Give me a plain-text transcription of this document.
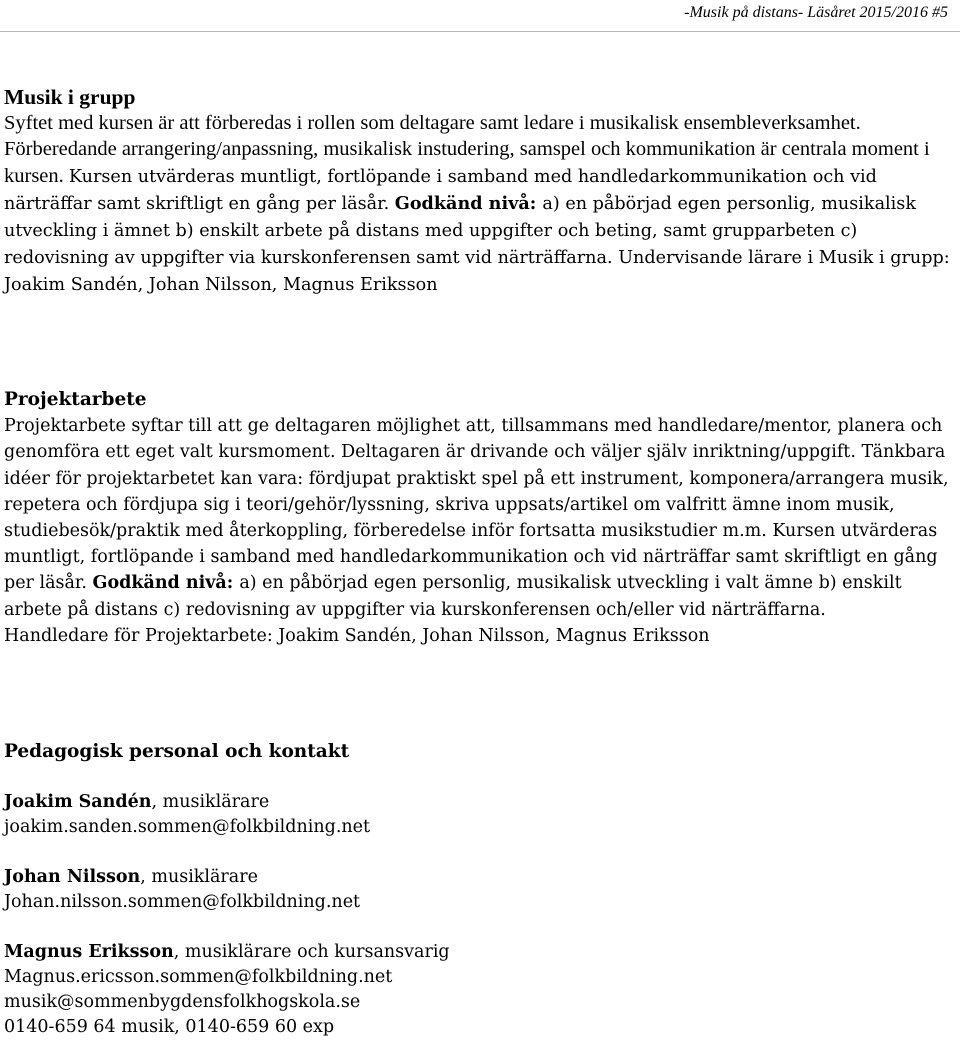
-Musik på distans- Läsåret 2015/2016 #5
Musik i grupp
Syftet med kursen är att förberedas i rollen som deltagare samt ledare i musikalisk ensembleverksamhet. Förberedande arrangering/anpassning, musikalisk instudering, samspel och kommunikation är centrala moment i kursen. Kursen utvärderas muntligt, fortlöpande i samband med handledarkommunikation och vid närträffar samt skriftligt en gång per läsår. Godkänd nivå: a) en påbörjad egen personlig, musikalisk utveckling i ämnet b) enskilt arbete på distans med uppgifter och beting, samt grupparbeten c) redovisning av uppgifter via kurskonferensen samt vid närträffarna. Undervisande lärare i Musik i grupp: Joakim Sandén, Johan Nilsson, Magnus Eriksson
Projektarbete
Projektarbete syftar till att ge deltagaren möjlighet att, tillsammans med handledare/mentor, planera och genomföra ett eget valt kursmoment. Deltagaren är drivande och väljer själv inriktning/uppgift. Tänkbara idéer för projektarbetet kan vara: fördjupat praktiskt spel på ett instrument, komponera/arrangera musik, repetera och fördjupa sig i teori/gehör/lyssning, skriva uppsats/artikel om valfritt ämne inom musik, studiebesök/praktik med återkoppling, förberedelse inför fortsatta musikstudier m.m. Kursen utvärderas muntligt, fortlöpande i samband med handledarkommunikation och vid närträffar samt skriftligt en gång per läsår. Godkänd nivå: a) en påbörjad egen personlig, musikalisk utveckling i valt ämne b) enskilt arbete på distans c) redovisning av uppgifter via kurskonferensen och/eller vid närträffarna.
Handledare för Projektarbete: Joakim Sandén, Johan Nilsson, Magnus Eriksson
Pedagogisk personal och kontakt
Joakim Sandén, musiklärare
joakim.sanden.sommen@folkbildning.net
Johan Nilsson, musiklärare
Johan.nilsson.sommen@folkbildning.net
Magnus Eriksson, musiklärare och kursansvarig
Magnus.ericsson.sommen@folkbildning.net
musik@sommenbygdensfolkhogskola.se
0140-659 64 musik, 0140-659 60 exp
